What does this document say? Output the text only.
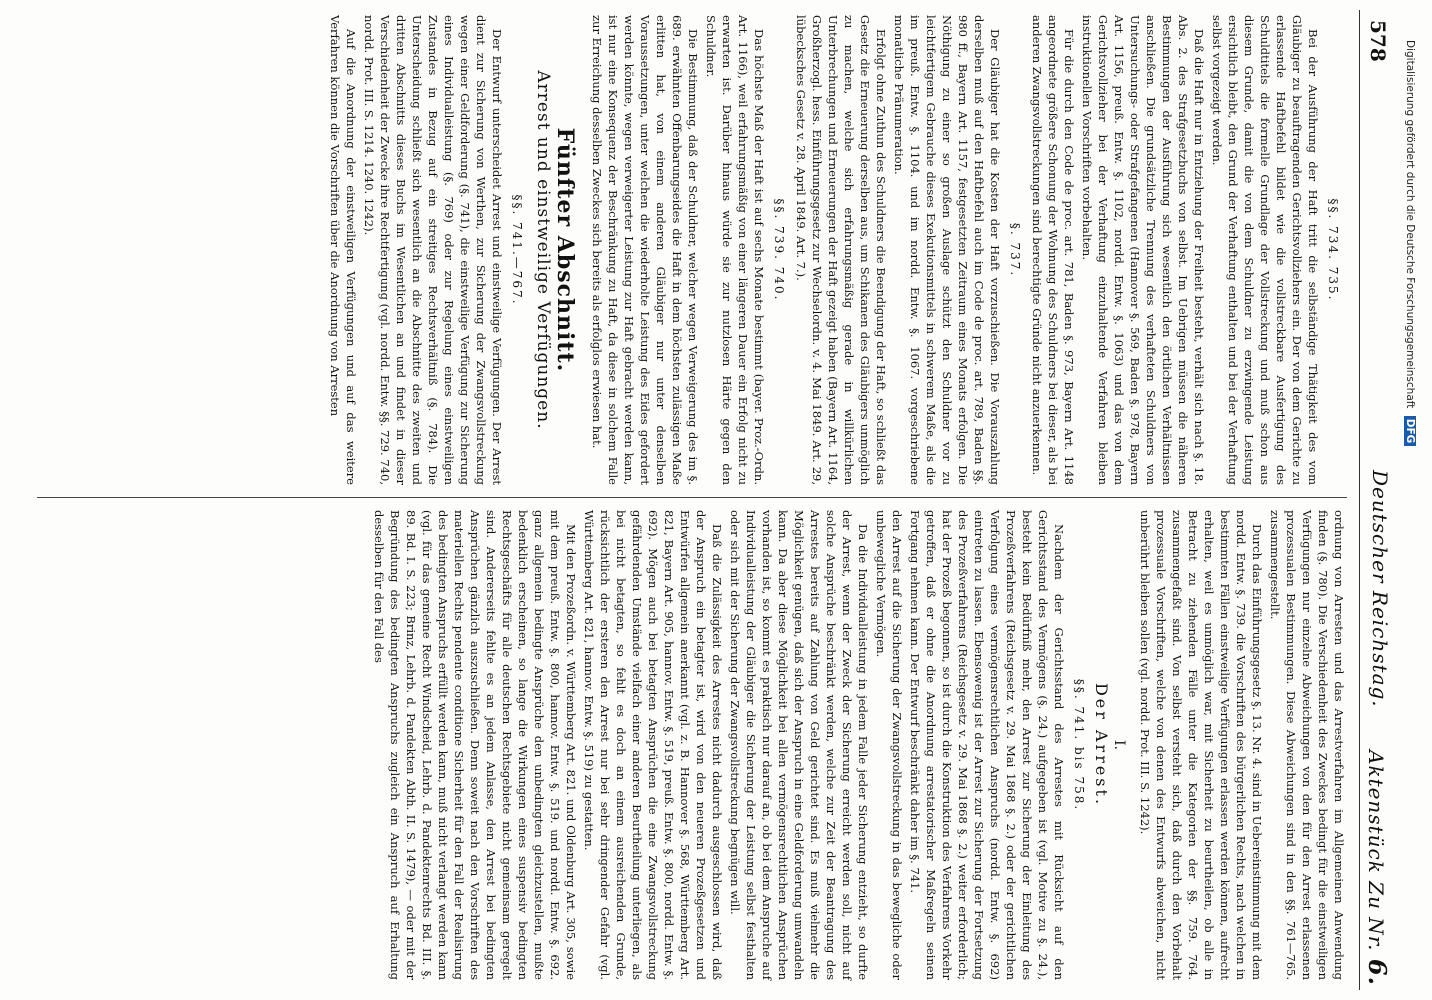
578
Deutscher Reichstag.
Aktenstück Zu Nr. 6.
§§. 734. 735.

Bei der Ausführung der Haft tritt die selbständige Thätigkeit des vom Gläubiger zu beauftragenden Gerichtsvollziehers ein. Der von dem Gerichte zu erlassende Haftbefehl bildet wie die vollstreckbare Ausfertigung des Schuldtitels die formelle Grundlage der Vollstreckung und muß schon aus diesem Grunde, damit die von dem Schuldner zu erzwingende Leistung ersichtlich bleibt, den Grund der Verhaftung enthalten und bei der Verhaftung selbst vorgezeigt werden.

Daß die Haft nur in Entziehung der Freiheit besteht, verhält sich nach §. 18. Abs. 2. des Strafgesetzbuchs von selbst. Im Uebrigen müssen die näheren Bestimmungen der Ausführung sich wesentlich den örtlichen Verhältnissen anschließen. Die grundsätzliche Trennung des verhafteten Schuldners von Untersuchungs- oder Strafgefangenen (Hannover §. 569, Baden §. 978, Bayern Art. 1156, preuß. Entw. §. 1102, nordd. Entw. §. 1063) und das von dem Gerichtsvollzieher bei der Verhaftung einzuhaltende Verfahren bleiben instruktionellen Vorschriften vorbehalten.

Für die durch den Code de proc. art. 781, Baden §. 973, Bayern Art. 1148 angeordnete größere Schonung der Wohnung des Schuldners bei dieser, als bei anderen Zwangsvollstreckungen sind berechtigte Gründe nicht anzuerkennen.

§. 737.

Der Gläubiger hat die Kosten der Haft vorzuschießen. Die Vorauszahlung derselben muß auf den Haftbefehl auch im Code de proc. art. 789, Baden §§. 980 ff., Bayern Art. 1157, festgesetzten Zeitraum eines Monats erfolgen. Die Nöthigung zu einer so großen Auslage schützt den Schuldner vor zu leichtfertigem Gebrauche dieses Exekutionsmittels in schwerem Maße, als die im preuß. Entw. §. 1104. und im nordd. Entw. §. 1067. vorgeschriebene monatliche Pränumeration.

Erfolgt ohne Zuthun des Schuldners die Beendigung der Haft, so schließt das Gesetz die Erneuerung derselben aus, um Schikanen des Gläubigers unmöglich zu machen, welche sich erfahrungsmäßig gerade in willkürlichen Unterbrechungen und Erneuerungen der Haft gezeigt haben (Bayern Art. 1164, Großherzogl. hess. Einführungsgesetz zur Wechselordn. v. 4. Mai 1849. Art. 29, lübecksches Gesetz v. 28. April 1849. Art. 7.).

§§. 739. 740.

Das höchste Maß der Haft ist auf sechs Monate bestimmt (bayer. Proz.-Ordn. Art. 1166), weil erfahrungsmäßig von einer längeren Dauer ein Erfolg nicht zu erwarten ist. Darüber hinaus würde sie zur nutzlosen Härte gegen den Schuldner.

Die Bestimmung, daß der Schuldner, welcher wegen Verweigerung des im §. 689. erwähnten Offenbarungseides die Haft in dem höchsten zulässigen Maße erlitten hat, von einem anderen Gläubiger nur unter denselben Voraussetzungen, unter welchen die wiederholte Leistung des Eides gefordert werden könnte, wegen verweigerter Leistung zur Haft gebracht werden kann, ist nur eine Konsequenz der Beschränkung zu Haft, da diese in solchem Falle zur Erreichung desselben Zweckes sich bereits als erfolglos erwiesen hat.

Fünfter Abschnitt.
Arrest und einstweilige Verfügungen.
§§. 741.—767.

Der Entwurf unterscheidet Arrest und einstweilige Verfügungen. Der Arrest dient zur Sicherung von Werthen, zur Sicherung der Zwangsvollstreckung wegen einer Geldforderung (§. 741), die einstweilige Verfügung zur Sicherung eines Individualleistung (§. 769) oder zur Regelung eines einstweiligen Zustandes in Bezug auf ein streitiges Rechtsverhältniß (§. 784). Die Unterscheidung schließt sich wesentlich an die Abschnitte des zweiten und dritten Abschnitts dieses Buchs im Wesentlichen an und findet in dieser Verschiedenheit der Zwecke ihre Rechtfertigung (vgl. nordd. Entw. §§. 729. 740, nordd. Prot. III. S. 1214. 1240. 1242).

Auf die Anordnung der einstweiligen Verfügungen und auf das weitere Verfahren können die Vorschriften über die Anordnung von Arresten

ordnung von Arresten und das Arrestverfahren im Allgemeinen Anwendung finden (§. 780). Die Verschiedenheit des Zweckes bedingt für die einstweiligen Verfügungen nur einzelne Abweichungen von den für den Arrest erlassenen prozessualen Bestimmungen. Diese Abweichungen sind in den §§. 761—765. zusammengestellt.

Durch das Einführungsgesetz §. 13. Nr. 4. sind in Uebereinstimmung mit dem nordd. Entw. §. 739. die Vorschriften des bürgerlichen Rechts, nach welchen in bestimmten Fällen einstweilige Verfügungen erlassen werden können, aufrecht erhalten, weil es unmöglich war, mit Sicherheit zu beurtheilen, ob alle in Betracht zu ziehenden Fälle unter die Kategorien der §§. 759. 764. zusammengefaßt sind. Von selbst versteht sich, daß durch den Vorbehalt prozessuale Vorschriften, welche von denen des Entwurfs abweichen, nicht unberührt bleiben sollen (vgl. nordd. Prot. III. S. 1242).

I.
Der Arrest.
§§. 741. bis 758.

Nachdem der Gerichtsstand des Arrestes mit Rücksicht auf den Gerichtsstand des Vermögens (§. 24.) aufgegeben ist (vgl. Motive zu §. 24.), besteht kein Bedürfniß mehr, den Arrest zur Sicherung der Einleitung des Prozeßverfahrens (Reichsgesetz v. 29. Mai 1868 §. 2.) oder der gerichtlichen Verfolgung eines vermögensrechtlichen Anspruchs (nordd. Entw. §. 692) eintreten zu lassen. Ebensowenig ist der Arrest zur Sicherung der Fortsetzung des Prozeßverfahrens (Reichsgesetz v. 29. Mai 1868 §. 2.) weiter erforderlich; hat der Prozeß begonnen, so ist durch die Konstruktion des Verfahrens Vorkehr getroffen, daß er ohne die Anordnung arrestatorischer Maßregeln seinen Fortgang nehmen kann. Der Entwurf beschränkt daher im §. 741.

den Arrest auf die Sicherung der Zwangsvollstreckung in das bewegliche oder unbewegliche Vermögen.

Da die Individualleistung in jedem Falle jeder Sicherung entzieht, so durfte der Arrest, wenn der Zweck der Sicherung erreicht werden soll, nicht auf solche Ansprüche beschränkt werden, welche zur Zeit der Beantragung des Arrestes bereits auf Zahlung von Geld gerichtet sind. Es muß vielmehr die Möglichkeit genügen, daß sich der Anspruch in eine Geldforderung umwandeln kann. Da aber diese Möglichkeit bei allen vermögensrechtlichen Ansprüchen vorhanden ist, so kommt es praktisch nur darauf an, ob bei dem Anspruche auf Individualleistung der Gläubiger die Sicherung der Leistung selbst festhalten oder sich mit der Sicherung der Zwangsvollstreckung begnügen will.

Daß die Zulässigkeit des Arrestes nicht dadurch ausgeschlossen wird, daß der Anspruch ein betagter ist, wird von den neueren Prozeßgesetzen und Entwürfen allgemein anerkannt (vgl. z. B. Hannover §. 568, Württemberg Art. 821, Bayern Art. 905, hannov. Entw. §. 519, preuß. Entw. §. 800, nordd. Entw. §. 692). Mögen auch bei betagten Ansprüchen die eine Zwangsvollstreckung gefährdenden Umstände vielfach einer anderen Beurtheilung unterliegen, als bei nicht betagten, so fehlt es doch an einem ausreichenden Grunde, rücksichtlich der ersteren den Arrest nur bei sehr dringender Gefahr (vgl. Württemberg Art. 821, hannov. Entw. §. 519) zu gestatten.

Mit den Prozeßordn. v. Württemberg Art. 821. und Oldenburg Art. 305, sowie mit dem preuß. Entw. §. 800, hannov. Entw. §. 519. und nordd. Entw. §. 692. ganz allgemein bedingte Ansprüche den unbedingten gleichzustellen, mußte bedenklich erscheinen, so lange die Wirkungen eines suspensiv bedingten Rechtsgeschäfts für alle deutschen Rechtsgebiete nicht gemeinsam geregelt sind. Andererseits fehlte es an jedem Anlasse, den Arrest bei bedingten Ansprüchen gänzlich auszuschließen. Denn soweit nach den Vorschriften des materiellen Rechts pendente conditione Sicherheit für den Fall der Realisirung des bedingten Anspruchs erfüllt werden kann, muß nicht verlangt werden kann (vgl. für das gemeine Recht Windscheid, Lehrb. d. Pandektenrechts Bd. III. §. 89. Bd. I. S. 223; Brinz, Lehrb. d. Pandekten Abth. II. S. 1479), — oder mit der Begründung des bedingten Anspruchs zugleich ein Anspruch auf Erhaltung desselben für den Fall des

Digitalisierung gefördert durch die Deutsche Forschungsgemeinschaft DFG
